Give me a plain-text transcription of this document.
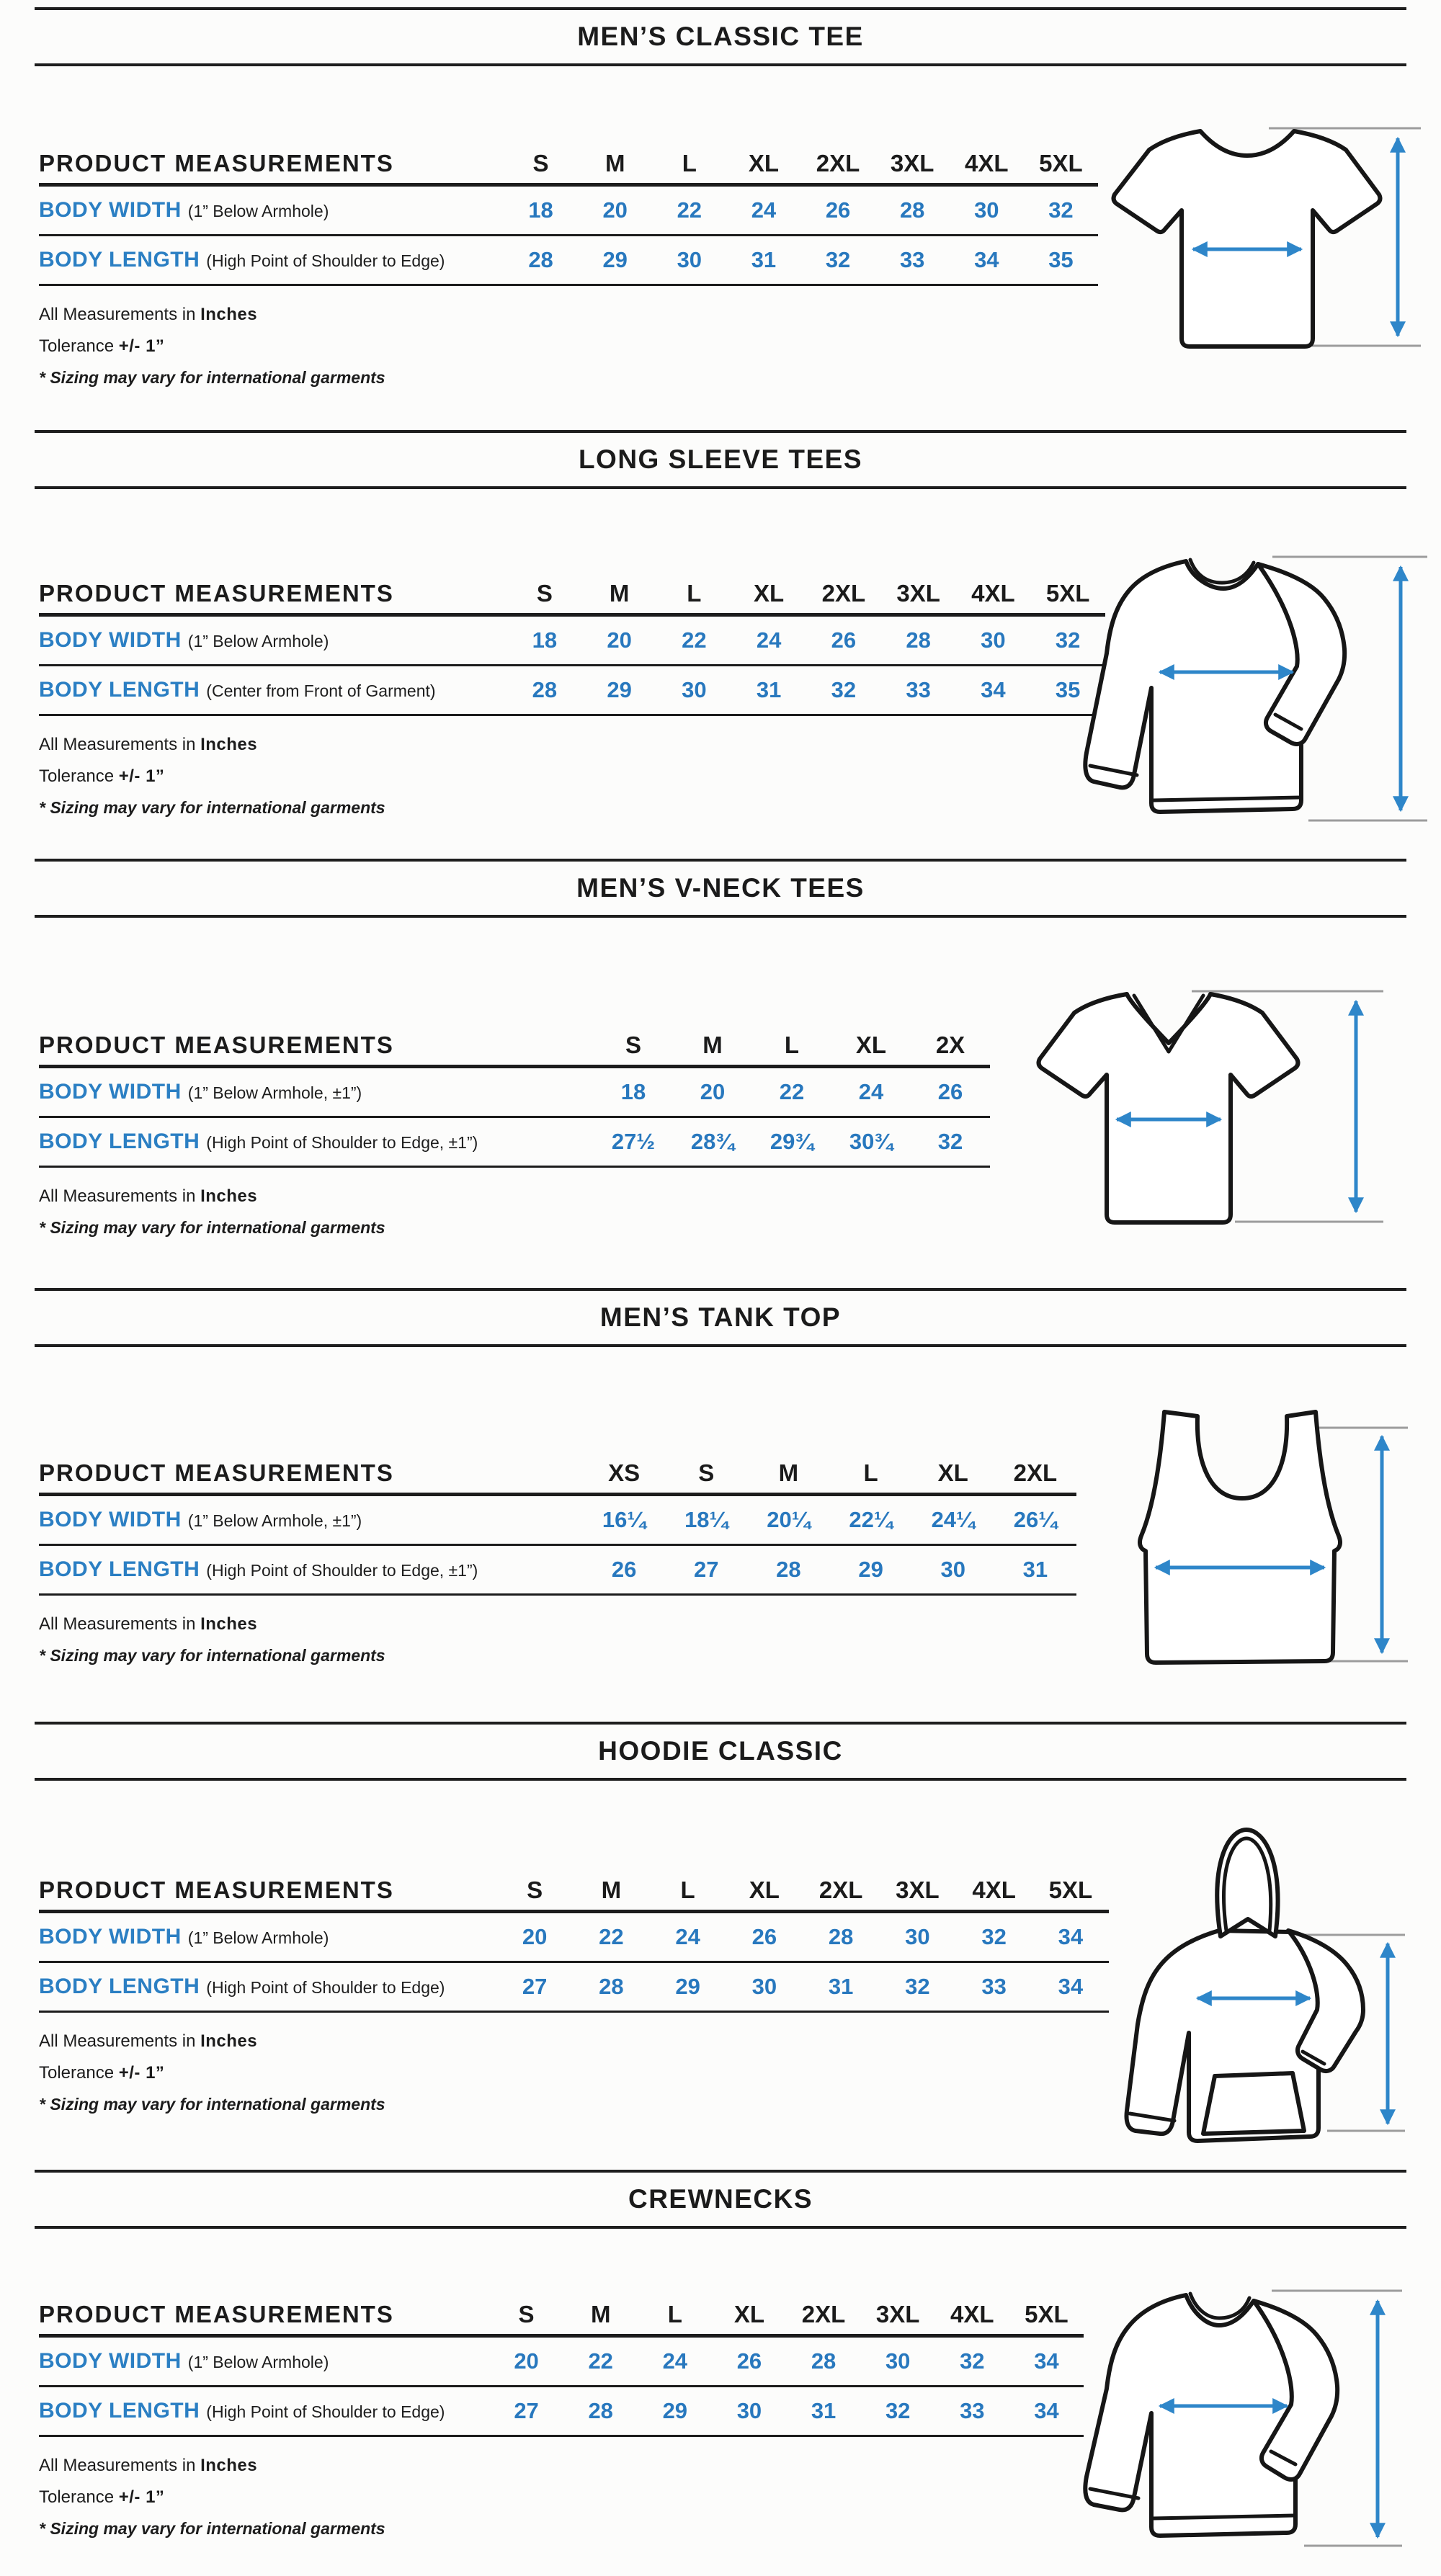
MEN’S CLASSIC TEE
PRODUCT MEASUREMENTS	S	M	L	XL	2XL	3XL	4XL	5XL
BODY WIDTH (1” Below Armhole)	18	20	22	24	26	28	30	32
BODY LENGTH (High Point of Shoulder to Edge)	28	29	30	31	32	33	34	35

All Measurements in Inches

Tolerance +/- 1”

* Sizing may vary for international garments

LONG SLEEVE TEES
PRODUCT MEASUREMENTS	S	M	L	XL	2XL	3XL	4XL	5XL
BODY WIDTH (1” Below Armhole)	18	20	22	24	26	28	30	32
BODY LENGTH (Center from Front of Garment)	28	29	30	31	32	33	34	35

All Measurements in Inches

Tolerance +/- 1”

* Sizing may vary for international garments

MEN’S V-NECK TEES
PRODUCT MEASUREMENTS	S	M	L	XL	2X
BODY WIDTH (1” Below Armhole, ±1”)	18	20	22	24	26
BODY LENGTH (High Point of Shoulder to Edge, ±1”)	27½	28¾	29¾	30¾	32

All Measurements in Inches

* Sizing may vary for international garments

MEN’S TANK TOP
PRODUCT MEASUREMENTS	XS	S	M	L	XL	2XL
BODY WIDTH (1” Below Armhole, ±1”)	16¼	18¼	20¼	22¼	24¼	26¼
BODY LENGTH (High Point of Shoulder to Edge, ±1”)	26	27	28	29	30	31

All Measurements in Inches

* Sizing may vary for international garments

HOODIE CLASSIC
PRODUCT MEASUREMENTS	S	M	L	XL	2XL	3XL	4XL	5XL
BODY WIDTH (1” Below Armhole)	20	22	24	26	28	30	32	34
BODY LENGTH (High Point of Shoulder to Edge)	27	28	29	30	31	32	33	34

All Measurements in Inches

Tolerance +/- 1”

* Sizing may vary for international garments

CREWNECKS
PRODUCT MEASUREMENTS	S	M	L	XL	2XL	3XL	4XL	5XL
BODY WIDTH (1” Below Armhole)	20	22	24	26	28	30	32	34
BODY LENGTH (High Point of Shoulder to Edge)	27	28	29	30	31	32	33	34

All Measurements in Inches

Tolerance +/- 1”

* Sizing may vary for international garments
